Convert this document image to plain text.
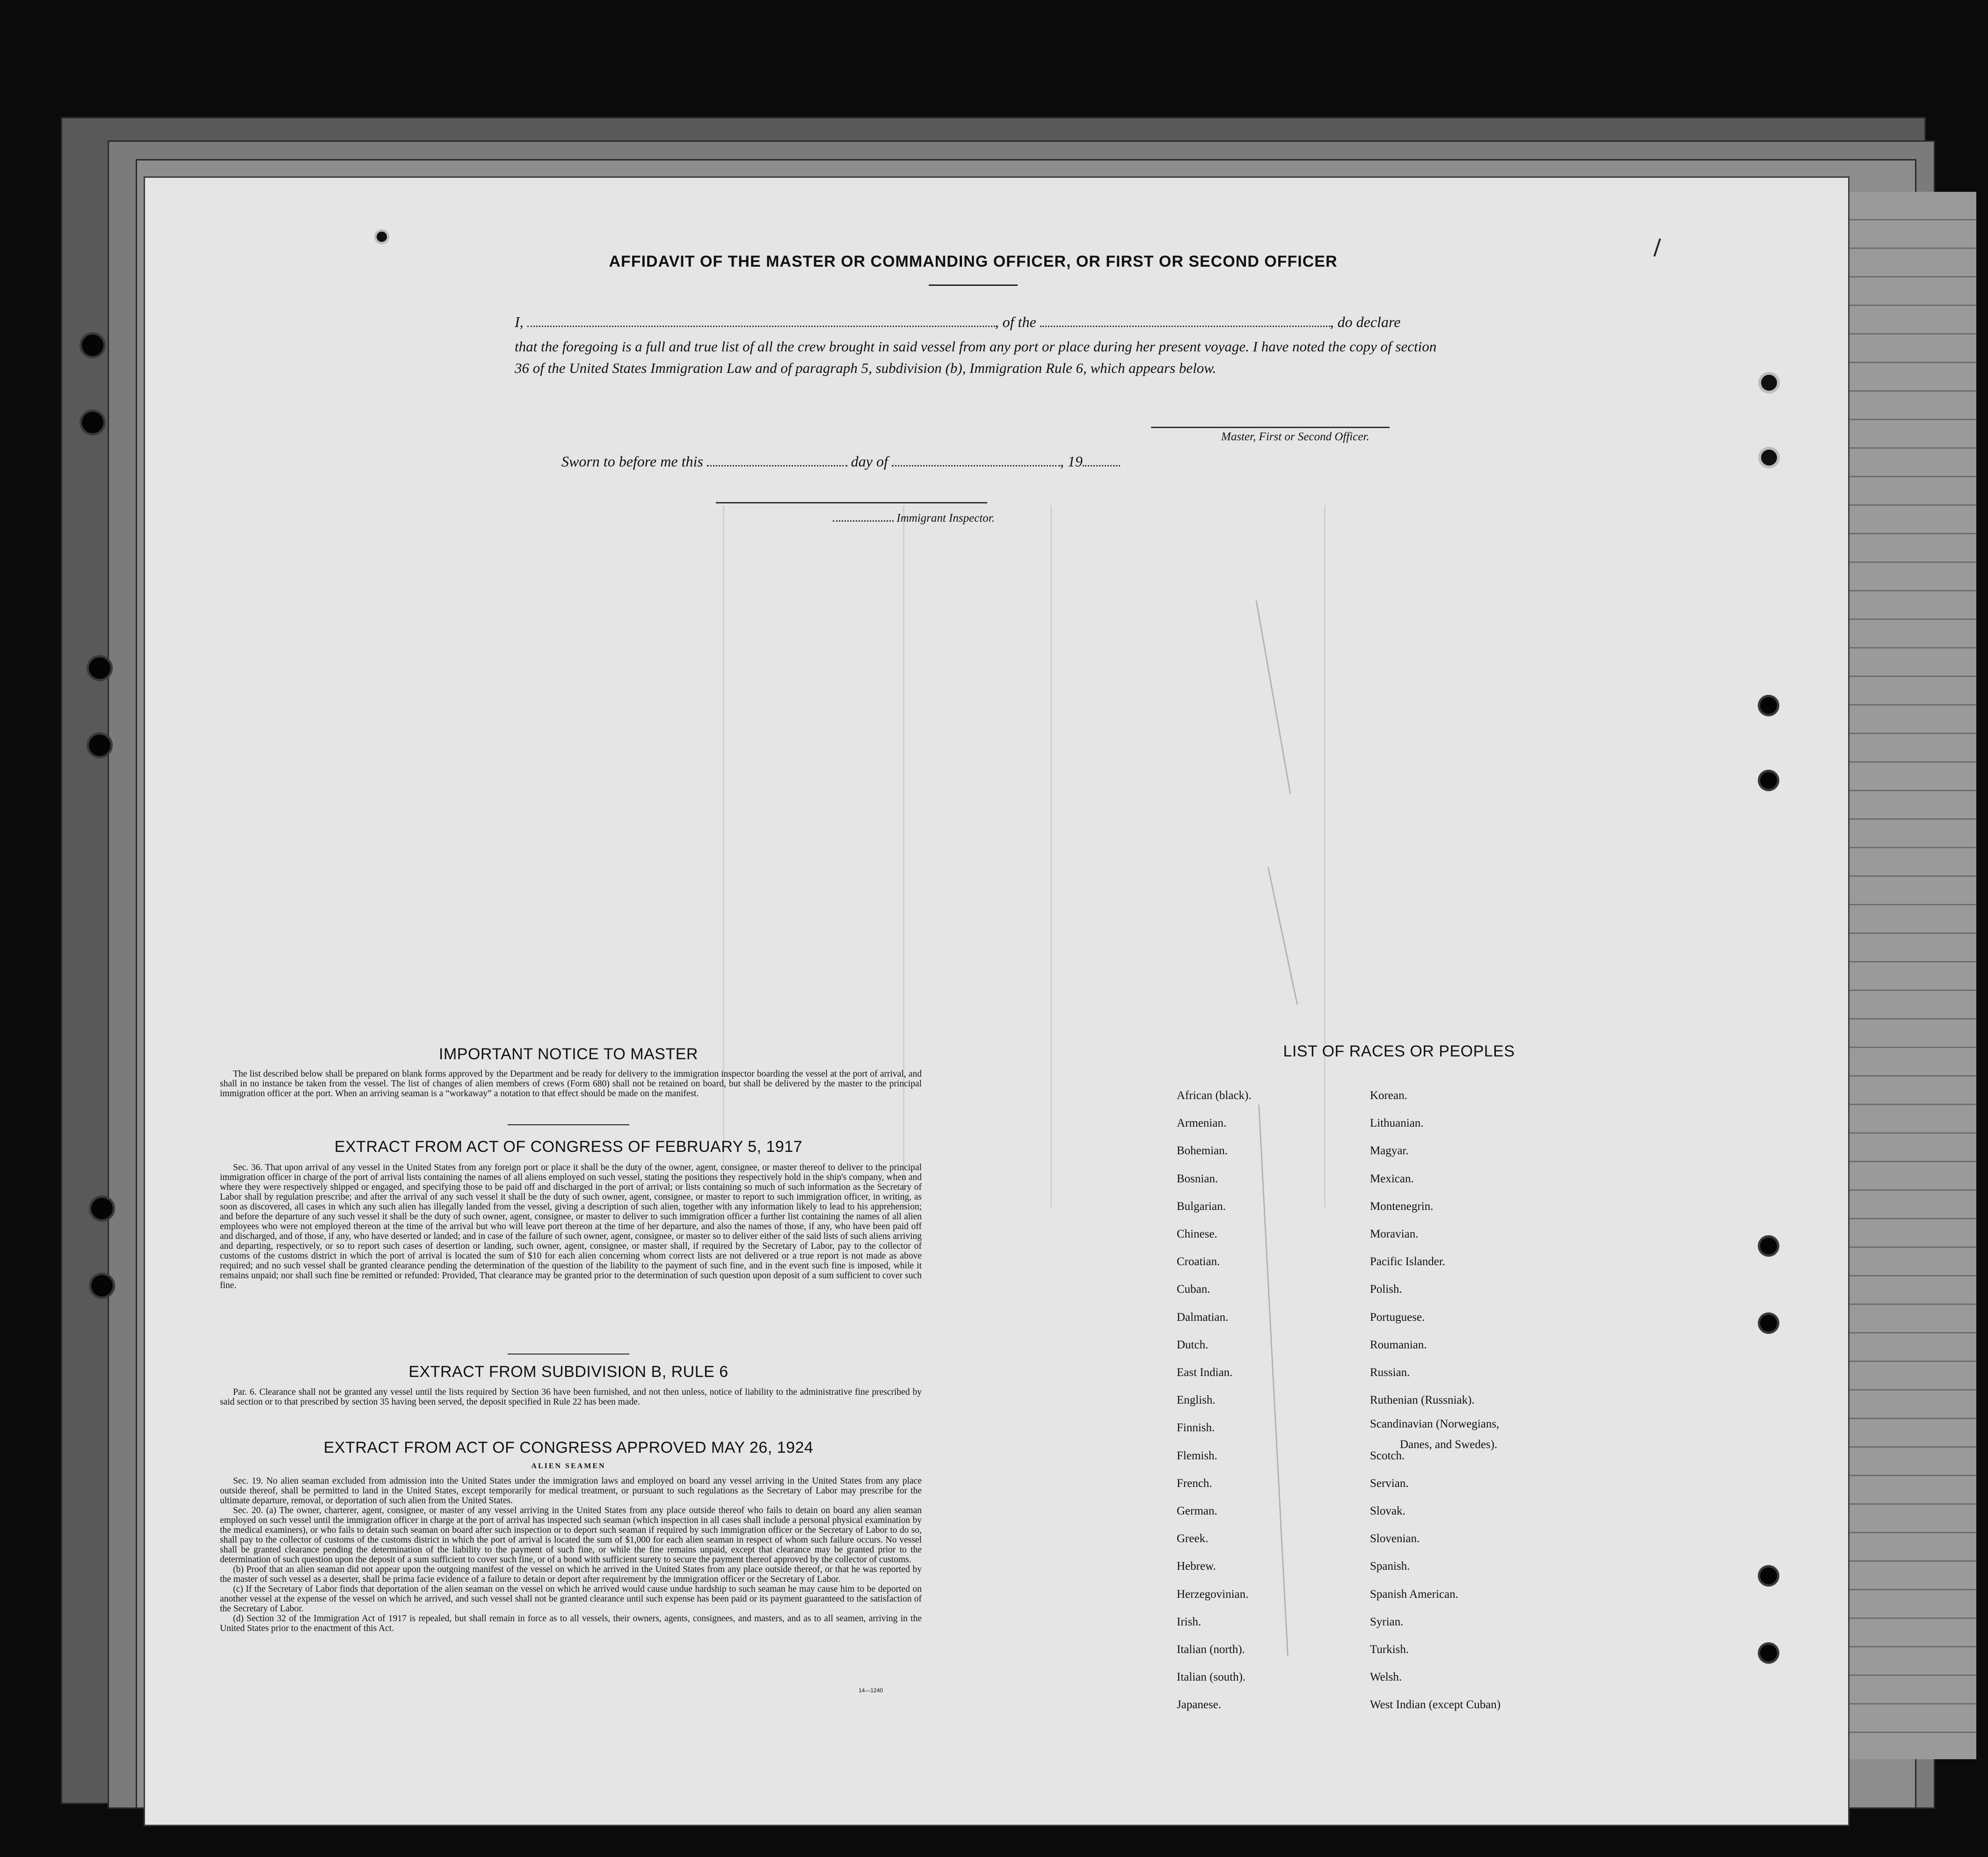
AFFIDAVIT OF THE MASTER OR COMMANDING OFFICER, OR FIRST OR SECOND OFFICER
I,	, of the	, do declare
that the foregoing is a full and true list of all the crew brought in said vessel from any port or place during her present voyage. I have noted the copy of section 36 of the United States Immigration Law and of paragraph 5, subdivision (b), Immigration Rule 6, which appears below.
Master, First or Second Officer.
Sworn to before me this	day of	, 19
Immigrant Inspector.
IMPORTANT NOTICE TO MASTER

The list described below shall be prepared on blank forms approved by the Department and be ready for delivery to the immigration inspector boarding the vessel at the port of arrival, and shall in no instance be taken from the vessel. The list of changes of alien members of crews (Form 680) shall not be retained on board, but shall be delivered by the master to the principal immigration officer at the port. When an arriving seaman is a “workaway” a notation to that effect should be made on the manifest.

EXTRACT FROM ACT OF CONGRESS OF FEBRUARY 5, 1917

Sec. 36. That upon arrival of any vessel in the United States from any foreign port or place it shall be the duty of the owner, agent, consignee, or master thereof to deliver to the principal immigration officer in charge of the port of arrival lists containing the names of all aliens employed on such vessel, stating the positions they respectively hold in the ship's company, when and where they were respectively shipped or engaged, and specifying those to be paid off and discharged in the port of arrival; or lists containing so much of such information as the Secretary of Labor shall by regulation prescribe; and after the arrival of any such vessel it shall be the duty of such owner, agent, consignee, or master to report to such immigration officer, in writing, as soon as discovered, all cases in which any such alien has illegally landed from the vessel, giving a description of such alien, together with any information likely to lead to his apprehension; and before the departure of any such vessel it shall be the duty of such owner, agent, consignee, or master to deliver to such immigration officer a further list containing the names of all alien employees who were not employed thereon at the time of the arrival but who will leave port thereon at the time of her departure, and also the names of those, if any, who have been paid off and discharged, and of those, if any, who have deserted or landed; and in case of the failure of such owner, agent, consignee, or master so to deliver either of the said lists of such aliens arriving and departing, respectively, or so to report such cases of desertion or landing, such owner, agent, consignee, or master shall, if required by the Secretary of Labor, pay to the collector of customs of the customs district in which the port of arrival is located the sum of $10 for each alien concerning whom correct lists are not delivered or a true report is not made as above required; and no such vessel shall be granted clearance pending the determination of the question of the liability to the payment of such fine, and in the event such fine is imposed, while it remains unpaid; nor shall such fine be remitted or refunded: Provided, That clearance may be granted prior to the determination of such question upon deposit of a sum sufficient to cover such fine.

EXTRACT FROM SUBDIVISION B, RULE 6

Par. 6. Clearance shall not be granted any vessel until the lists required by Section 36 have been furnished, and not then unless, notice of liability to the administrative fine prescribed by said section or to that prescribed by section 35 having been served, the deposit specified in Rule 22 has been made.

EXTRACT FROM ACT OF CONGRESS APPROVED MAY 26, 1924
ALIEN SEAMEN

Sec. 19. No alien seaman excluded from admission into the United States under the immigration laws and employed on board any vessel arriving in the United States from any place outside thereof, shall be permitted to land in the United States, except temporarily for medical treatment, or pursuant to such regulations as the Secretary of Labor may prescribe for the ultimate departure, removal, or deportation of such alien from the United States.

Sec. 20. (a) The owner, charterer, agent, consignee, or master of any vessel arriving in the United States from any place outside thereof who fails to detain on board any alien seaman employed on such vessel until the immigration officer in charge at the port of arrival has inspected such seaman (which inspection in all cases shall include a personal physical examination by the medical examiners), or who fails to detain such seaman on board after such inspection or to deport such seaman if required by such immigration officer or the Secretary of Labor to do so, shall pay to the collector of customs of the customs district in which the port of arrival is located the sum of $1,000 for each alien seaman in respect of whom such failure occurs. No vessel shall be granted clearance pending the determination of the liability to the payment of such fine, or while the fine remains unpaid, except that clearance may be granted prior to the determination of such question upon the deposit of a sum sufficient to cover such fine, or of a bond with sufficient surety to secure the payment thereof approved by the collector of customs.

(b) Proof that an alien seaman did not appear upon the outgoing manifest of the vessel on which he arrived in the United States from any place outside thereof, or that he was reported by the master of such vessel as a deserter, shall be prima facie evidence of a failure to detain or deport after requirement by the immigration officer or the Secretary of Labor.

(c) If the Secretary of Labor finds that deportation of the alien seaman on the vessel on which he arrived would cause undue hardship to such seaman he may cause him to be deported on another vessel at the expense of the vessel on which he arrived, and such vessel shall not be granted clearance until such expense has been paid or its payment guaranteed to the satisfaction of the Secretary of Labor.

(d) Section 32 of the Immigration Act of 1917 is repealed, but shall remain in force as to all vessels, their owners, agents, consignees, and masters, and as to all seamen, arriving in the United States prior to the enactment of this Act.

14—1240
LIST OF RACES OR PEOPLES
African (black).
Armenian.
Bohemian.
Bosnian.
Bulgarian.
Chinese.
Croatian.
Cuban.
Dalmatian.
Dutch.
East Indian.
English.
Finnish.
Flemish.
French.
German.
Greek.
Hebrew.
Herzegovinian.
Irish.
Italian (north).
Italian (south).
Japanese.
Korean.
Lithuanian.
Magyar.
Mexican.
Montenegrin.
Moravian.
Pacific Islander.
Polish.
Portuguese.
Roumanian.
Russian.
Ruthenian (Russniak).
Scandinavian (Norwegians,
Scotch.
Servian.
Slovak.
Slovenian.
Spanish.
Spanish American.
Syrian.
Turkish.
Welsh.
West Indian (except Cuban)
Danes, and Swedes).
